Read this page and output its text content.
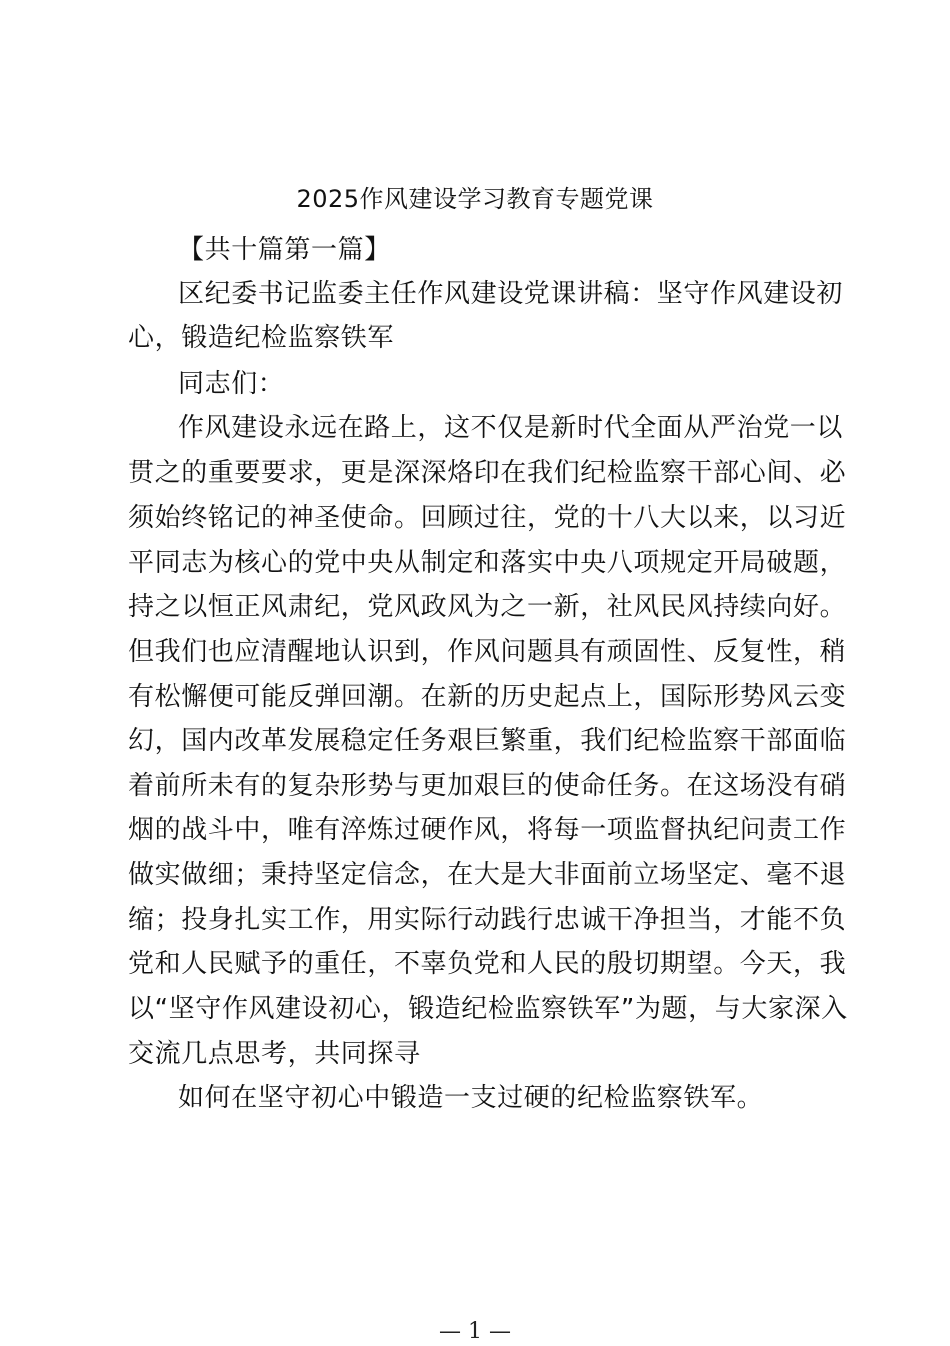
2025作风建设学习教育专题党课

【共十篇第一篇】

区纪委书记监委主任作风建设党课讲稿：坚守作风建设初

心，锻造纪检监察铁军

同志们：

作风建设永远在路上，这不仅是新时代全面从严治党一以

贯之的重要要求，更是深深烙印在我们纪检监察干部心间、必

须始终铭记的神圣使命。回顾过往，党的十八大以来，以习近

平同志为核心的党中央从制定和落实中央八项规定开局破题，

持之以恒正风肃纪，党风政风为之一新，社风民风持续向好。

但我们也应清醒地认识到，作风问题具有顽固性、反复性，稍

有松懈便可能反弹回潮。在新的历史起点上，国际形势风云变

幻，国内改革发展稳定任务艰巨繁重，我们纪检监察干部面临

着前所未有的复杂形势与更加艰巨的使命任务。在这场没有硝

烟的战斗中，唯有淬炼过硬作风，将每一项监督执纪问责工作

做实做细；秉持坚定信念，在大是大非面前立场坚定、毫不退

缩；投身扎实工作，用实际行动践行忠诚干净担当，才能不负

党和人民赋予的重任，不辜负党和人民的殷切期望。今天，我

以“坚守作风建设初心，锻造纪检监察铁军”为题，与大家深入

交流几点思考，共同探寻

如何在坚守初心中锻造一支过硬的纪检监察铁军。

— 1 —
